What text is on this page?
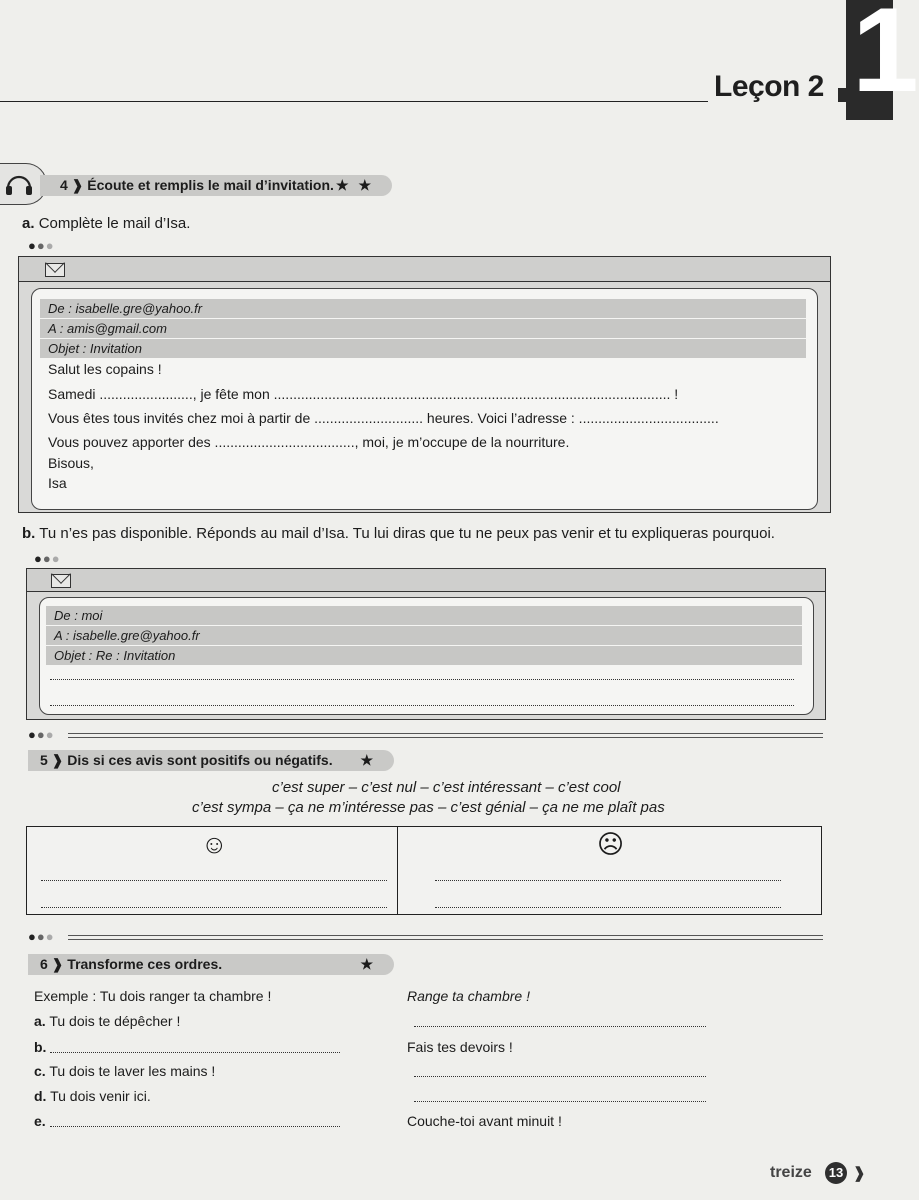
Leçon 2 1
4 ❱ Écoute et remplis le mail d’invitation. ★ ★
a. Complète le mail d’Isa.
●●●
De : isabelle.gre@yahoo.fr
A : amis@gmail.com
Objet : Invitation
Salut les copains !
Samedi ........................, je fête mon ...................................................................................................... !
Vous êtes tous invités chez moi à partir de ............................ heures. Voici l’adresse : ....................................
Vous pouvez apporter des ...................................., moi, je m’occupe de la nourriture.
Bisous,
Isa
b. Tu n’es pas disponible. Réponds au mail d’Isa. Tu lui diras que tu ne peux pas venir et tu expliqueras pourquoi.
●●●
De : moi
A : isabelle.gre@yahoo.fr
Objet : Re : Invitation
●●●
5 ❱ Dis si ces avis sont positifs ou négatifs. ★
c’est super – c’est nul – c’est intéressant – c’est cool
c’est sympa – ça ne m’intéresse pas – c’est génial – ça ne me plaît pas
☺	☹
●●●
6 ❱ Transforme ces ordres.	★
Exemple : Tu dois ranger ta chambre !	Range ta chambre !
a. Tu dois te dépêcher !
b.	Fais tes devoirs !
c. Tu dois te laver les mains !
d. Tu dois venir ici.
e.	Couche-toi avant minuit !
treize 13 ❱
